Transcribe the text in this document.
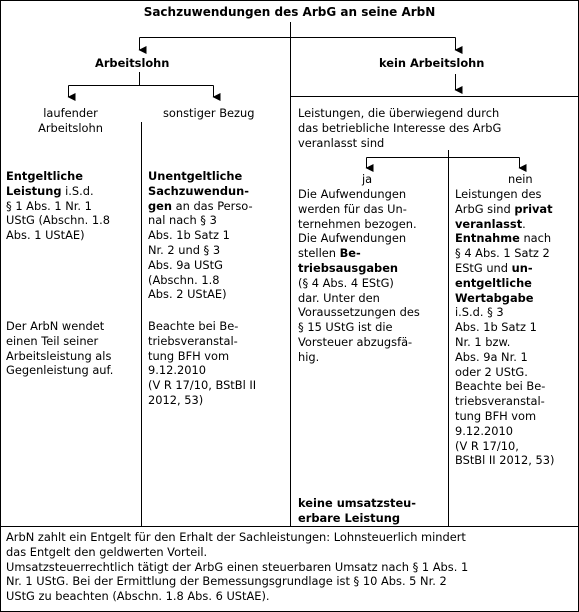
Sachzuwendungen des ArbG an seine ArbN
Arbeitslohn	kein Arbeitslohn
laufender
Arbeitslohn
sonstiger Bezug
Entgeltliche
Leistung i.S.d.
§ 1 Abs. 1 Nr. 1
UStG (Abschn. 1.8
Abs. 1 UStAE)
Der ArbN wendet
einen Teil seiner
Arbeitsleistung als
Gegenleistung auf.
Unentgeltliche
Sachzuwendun-
gen an das Perso-
nal nach § 3
Abs. 1b Satz 1
Nr. 2 und § 3
Abs. 9a UStG
(Abschn. 1.8
Abs. 2 UStAE)
Beachte bei Be-
triebsveranstal-
tung BFH vom
9.12.2010
(V R 17/10, BStBl II
2012, 53)
Leistungen, die überwiegend durch
das betriebliche Interesse des ArbG
veranlasst sind
ja	nein
Die Aufwendungen
werden für das Un-
ternehmen bezogen.
Die Aufwendungen
stellen Be-
triebsausgaben
(§ 4 Abs. 4 EStG)
dar. Unter den
Voraussetzungen des
§ 15 UStG ist die
Vorsteuer abzugsfä-
hig.
keine umsatzsteu-
erbare Leistung
Leistungen des
ArbG sind privat
veranlasst.
Entnahme nach
§ 4 Abs. 1 Satz 2
EStG und un-
entgeltliche
Wertabgabe
i.S.d. § 3
Abs. 1b Satz 1
Nr. 1 bzw.
Abs. 9a Nr. 1
oder 2 UStG.
Beachte bei Be-
triebsveranstal-
tung BFH vom
9.12.2010
(V R 17/10,
BStBl II 2012, 53)
ArbN zahlt ein Entgelt für den Erhalt der Sachleistungen: Lohnsteuerlich mindert
das Entgelt den geldwerten Vorteil.
Umsatzsteuerrechtlich tätigt der ArbG einen steuerbaren Umsatz nach § 1 Abs. 1
Nr. 1 UStG. Bei der Ermittlung der Bemessungsgrundlage ist § 10 Abs. 5 Nr. 2
UStG zu beachten (Abschn. 1.8 Abs. 6 UStAE).
